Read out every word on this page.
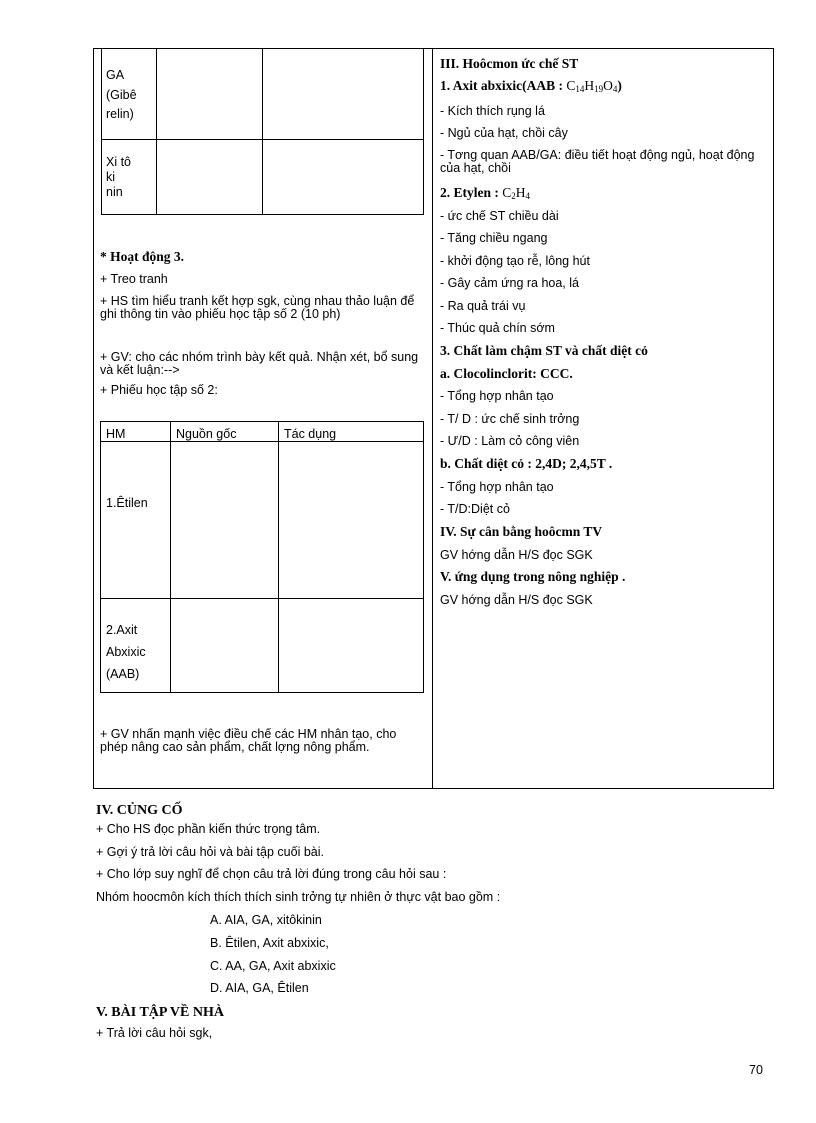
GA
(Gibê
relin)		

Xi tô
ki
nin		

* Hoạt động 3.
+ Treo tranh
+ HS tìm hiểu tranh kết hợp sgk, cùng nhau thảo luận để ghi thông tin vào phiếu học tập số 2 (10 ph)
+ GV: cho các nhóm trình bày kết quả. Nhận xét, bổ sung và kết luận:-->
+ Phiếu học tập số 2:
HM	Nguồn gốc	Tác dụng
1.Êtilen		

2.Axit
Abxixic
(AAB)		

+ GV nhấn mạnh việc điều chế các HM nhân tạo, cho phép nâng cao sản phẩm, chất lợng nông phẩm.
III. Hoôcmon ức chế ST
1. Axit abxixic(AAB : $C_{14}H_{19}O_4$)
- Kích thích rụng lá
- Ngủ của hạt, chồi cây
- Tơng quan AAB/GA: điều tiết hoạt động ngủ, hoạt động của hạt, chồi
2. Etylen : $C_2H_4$
- ức chế ST chiều dài
- Tăng chiều ngang
- khởi động tạo rễ, lông hút
- Gây cảm ứng ra hoa, lá
- Ra quả trái vụ
- Thúc quả chín sớm
3. Chất làm chậm ST và chất diệt cỏ
a. Clocolinclorit: CCC.
- Tổng hợp nhân tạo
- T/ D : ức chế sinh trởng
- Ư/D : Làm cỏ công viên
b. Chất diệt cỏ : 2,4D; 2,4,5T .
- Tổng hợp nhân tạo
- T/D:Diệt cỏ
IV. Sự cân bằng hoôcmn TV
GV hớng dẫn H/S đọc SGK
V. ứng dụng trong nông nghiệp .
GV hớng dẫn H/S đọc SGK
IV. CỦNG CỐ
+ Cho HS đọc phần kiến thức trọng tâm.
+ Gợi ý trả lời câu hỏi và bài tập cuối bài.
+ Cho lớp suy nghĩ để chọn câu trả lời đúng trong câu hỏi sau :
Nhóm hoocmôn kích thích thích sinh trởng tự nhiên ở thực vật bao gồm :
A. AIA, GA, xitôkinin
B. Êtilen, Axit abxixic,
C. AA, GA, Axit abxixic
D. AIA, GA, Êtilen
V. BÀI TẬP VỀ NHÀ
+ Trả lời câu hỏi sgk,
70
